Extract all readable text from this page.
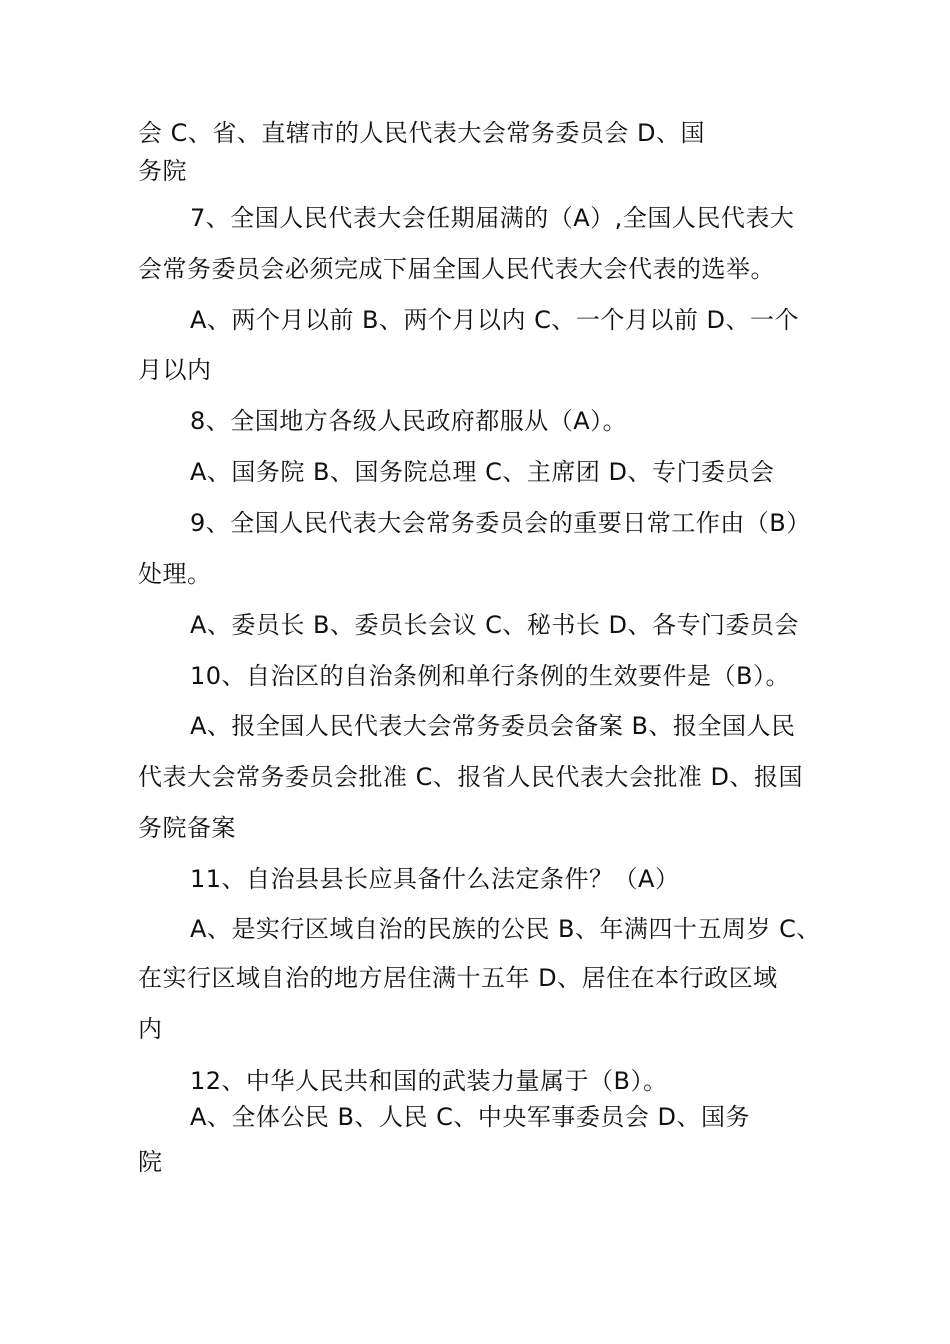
会 C、省、直辖市的人民代表大会常务委员会 D、国
务院
7、全国人民代表大会任期届满的（A）,全国人民代表大
会常务委员会必须完成下届全国人民代表大会代表的选举。
A、两个月以前 B、两个月以内 C、一个月以前 D、一个
月以内
8、全国地方各级人民政府都服从（A）。
A、国务院 B、国务院总理 C、主席团 D、专门委员会
9、全国人民代表大会常务委员会的重要日常工作由（B）
处理。
A、委员长 B、委员长会议 C、秘书长 D、各专门委员会
10、自治区的自治条例和单行条例的生效要件是（B）。
A、报全国人民代表大会常务委员会备案 B、报全国人民
代表大会常务委员会批准 C、报省人民代表大会批准 D、报国
务院备案
11、自治县县长应具备什么法定条件？（A）
A、是实行区域自治的民族的公民 B、年满四十五周岁 C、
在实行区域自治的地方居住满十五年 D、居住在本行政区域
内
12、中华人民共和国的武装力量属于（B）。
A、全体公民 B、人民 C、中央军事委员会 D、国务
院
